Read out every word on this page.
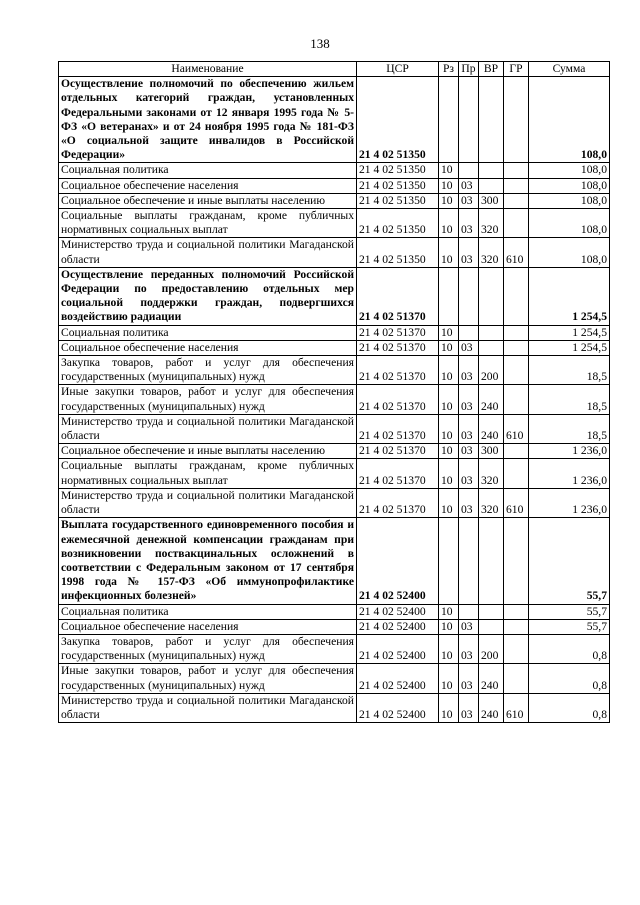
138
Наименование	ЦСР	Рз	Пр	ВР	ГР	Сумма
Осуществление полномочий по обеспечению жильем отдельных категорий граждан, установленных Федеральными законами от 12 января 1995 года № 5-ФЗ «О ветеранах» и от 24 ноября 1995 года № 181-ФЗ «О социальной защите инвалидов в Российской Федерации»	21 4 02 51350					108,0
Социальная политика	21 4 02 51350	10				108,0
Социальное обеспечение населения	21 4 02 51350	10	03			108,0
Социальное обеспечение и иные выплаты населению	21 4 02 51350	10	03	300		108,0
Социальные выплаты гражданам, кроме публичных нормативных социальных выплат	21 4 02 51350	10	03	320		108,0
Министерство труда и социальной политики Магаданской области	21 4 02 51350	10	03	320	610	108,0
Осуществление переданных полномочий Российской Федерации по предоставлению отдельных мер социальной поддержки граждан, подвергшихся воздействию радиации	21 4 02 51370					1 254,5
Социальная политика	21 4 02 51370	10				1 254,5
Социальное обеспечение населения	21 4 02 51370	10	03			1 254,5
Закупка товаров, работ и услуг для обеспечения государственных (муниципальных) нужд	21 4 02 51370	10	03	200		18,5
Иные закупки товаров, работ и услуг для обеспечения государственных (муниципальных) нужд	21 4 02 51370	10	03	240		18,5
Министерство труда и социальной политики Магаданской области	21 4 02 51370	10	03	240	610	18,5
Социальное обеспечение и иные выплаты населению	21 4 02 51370	10	03	300		1 236,0
Социальные выплаты гражданам, кроме публичных нормативных социальных выплат	21 4 02 51370	10	03	320		1 236,0
Министерство труда и социальной политики Магаданской области	21 4 02 51370	10	03	320	610	1 236,0
Выплата государственного единовременного пособия и ежемесячной денежной компенсации гражданам при возникновении поствакцинальных осложнений в соответствии с Федеральным законом от 17 сентября 1998 года № 157-ФЗ «Об иммунопрофилактике инфекционных болезней»	21 4 02 52400					55,7
Социальная политика	21 4 02 52400	10				55,7
Социальное обеспечение населения	21 4 02 52400	10	03			55,7
Закупка товаров, работ и услуг для обеспечения государственных (муниципальных) нужд	21 4 02 52400	10	03	200		0,8
Иные закупки товаров, работ и услуг для обеспечения государственных (муниципальных) нужд	21 4 02 52400	10	03	240		0,8
Министерство труда и социальной политики Магаданской области	21 4 02 52400	10	03	240	610	0,8
